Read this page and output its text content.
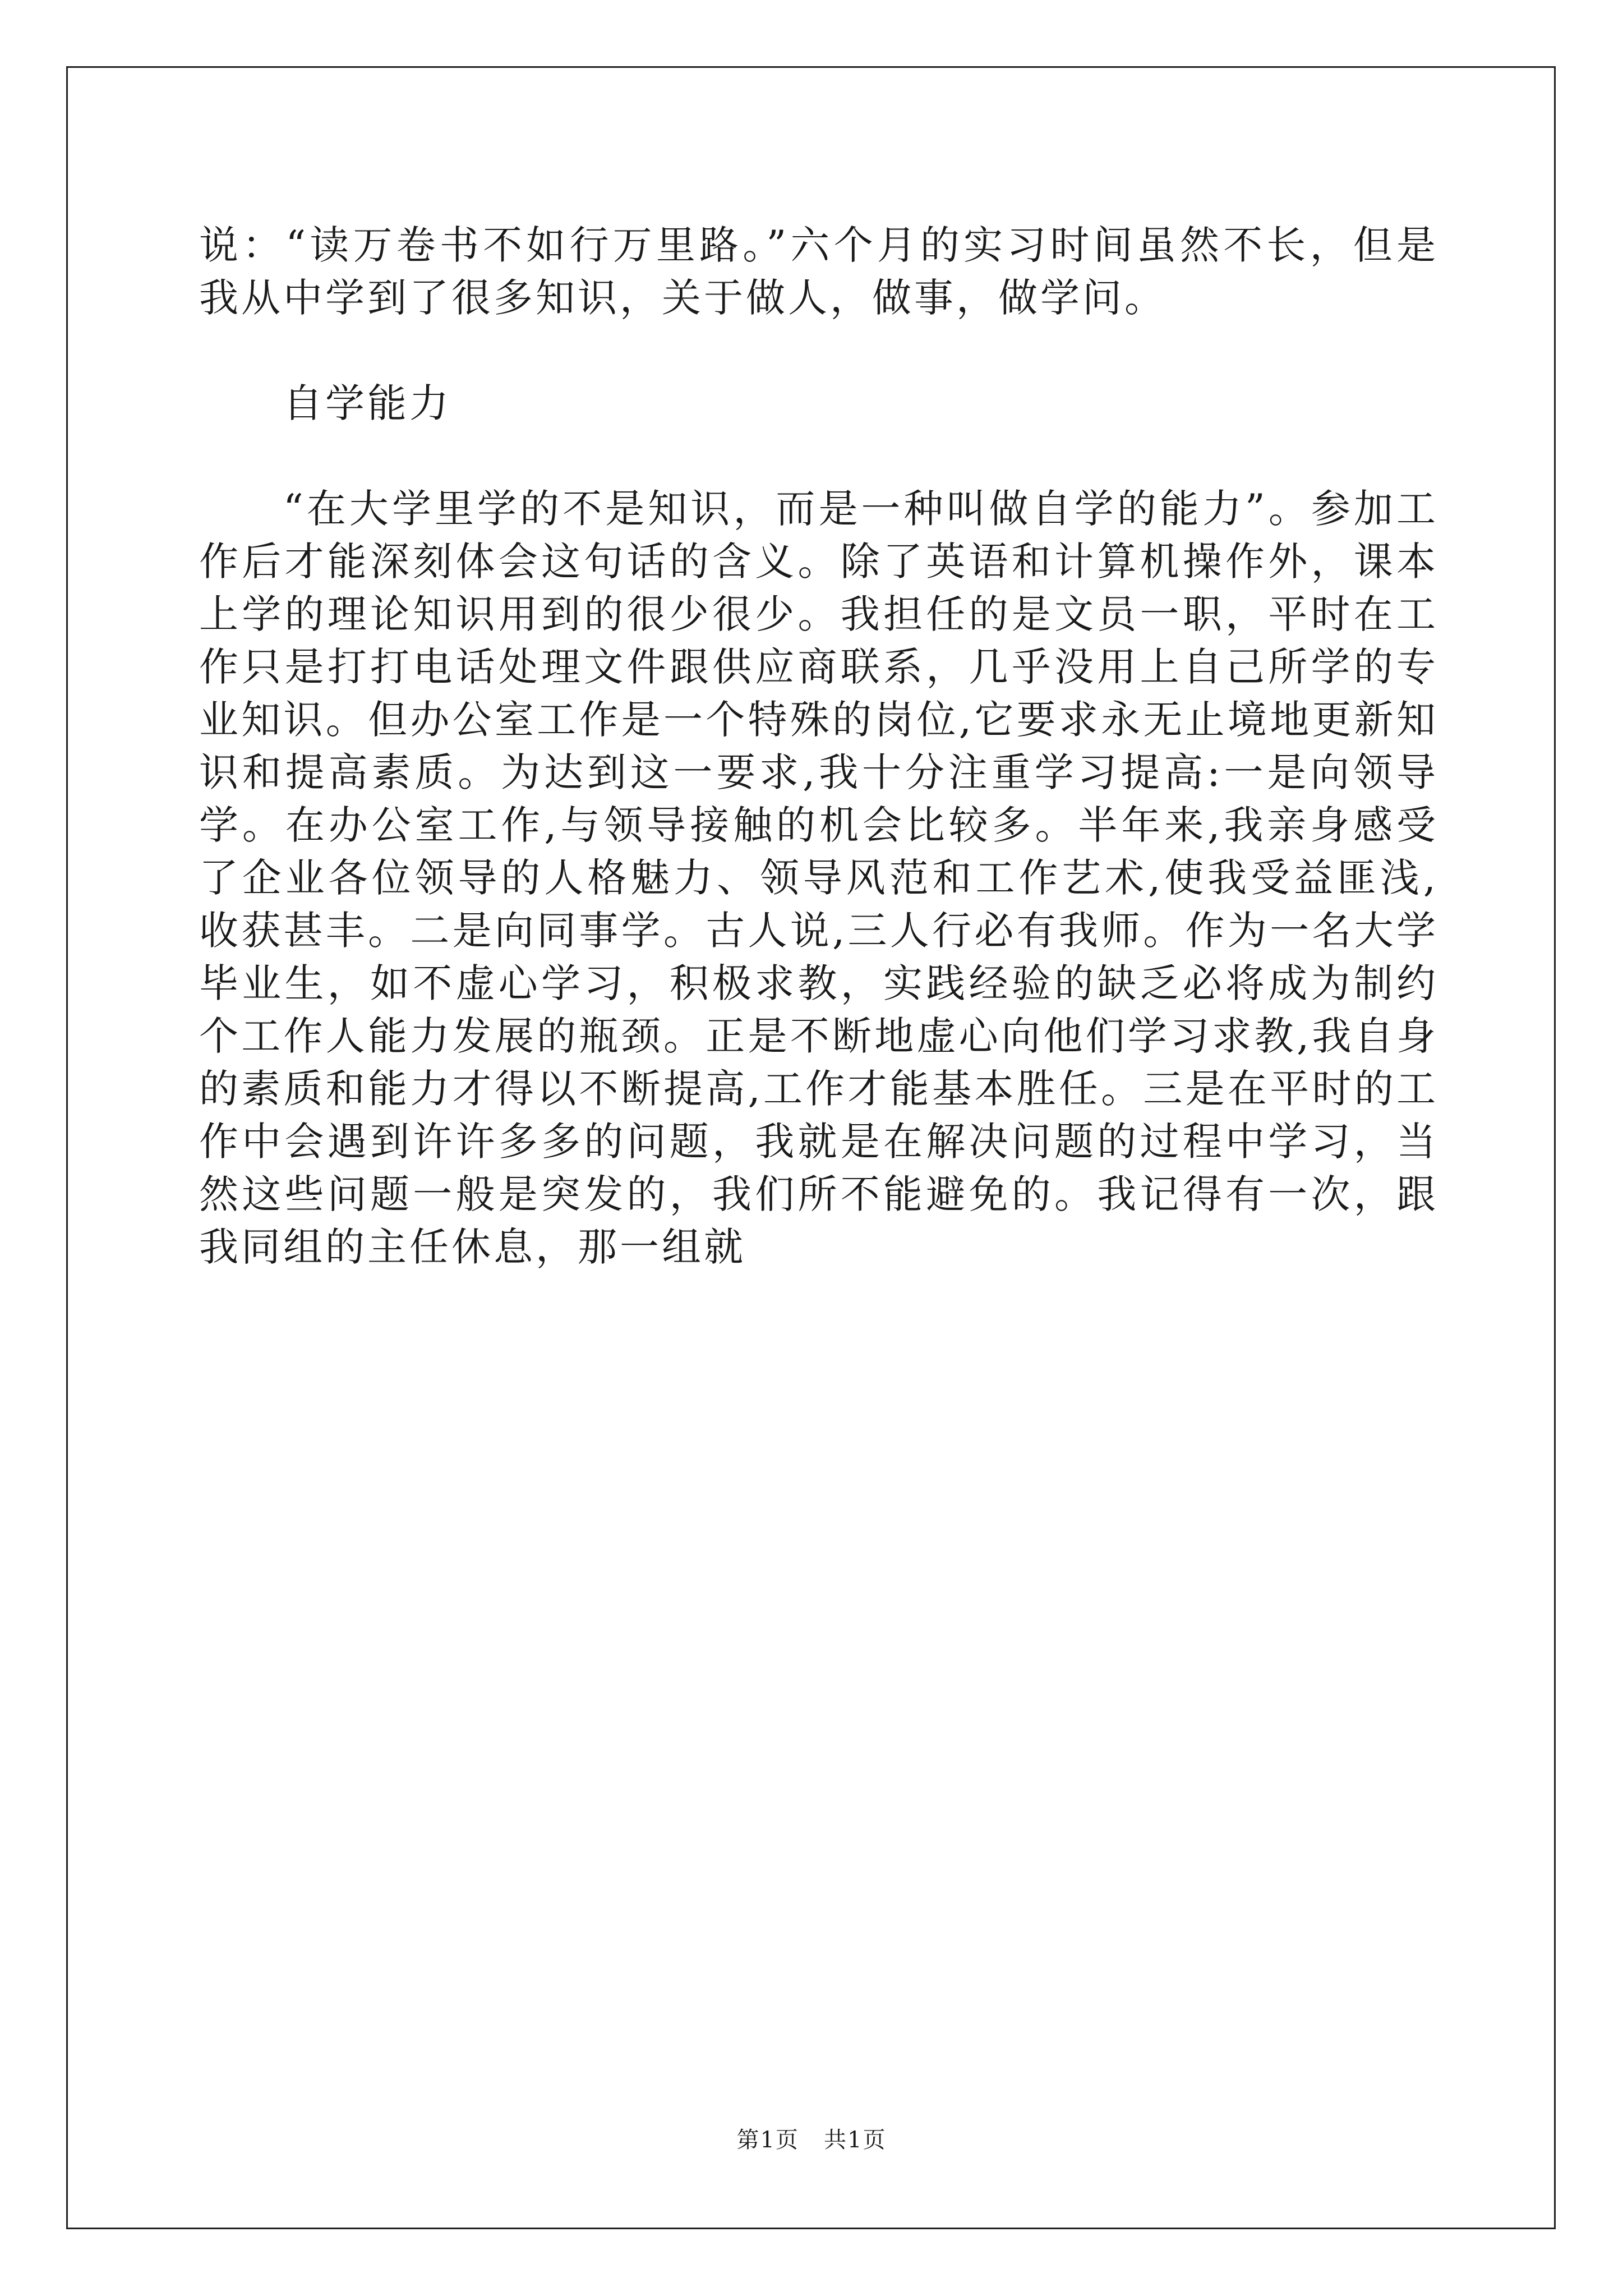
说：“读万卷书不如行万里路。”六个月的实习时间虽然不长，但是我从中学到了很多知识，关于做人，做事，做学问。

自学能力

“在大学里学的不是知识，而是一种叫做自学的能力”。参加工作后才能深刻体会这句话的含义。除了英语和计算机操作外，课本上学的理论知识用到的很少很少。我担任的是文员一职，平时在工作只是打打电话处理文件跟供应商联系，几乎没用上自己所学的专业知识。但办公室工作是一个特殊的岗位,它要求永无止境地更新知识和提高素质。为达到这一要求,我十分注重学习提高:一是向领导学。在办公室工作,与领导接触的机会比较多。半年来,我亲身感受了企业各位领导的人格魅力、领导风范和工作艺术,使我受益匪浅,收获甚丰。二是向同事学。古人说,三人行必有我师。作为一名大学毕业生，如不虚心学习，积极求教，实践经验的缺乏必将成为制约个工作人能力发展的瓶颈。正是不断地虚心向他们学习求教,我自身的素质和能力才得以不断提高,工作才能基本胜任。三是在平时的工作中会遇到许许多多的问题，我就是在解决问题的过程中学习，当然这些问题一般是突发的，我们所不能避免的。我记得有一次，跟我同组的主任休息，那一组就

第1页   共1页
